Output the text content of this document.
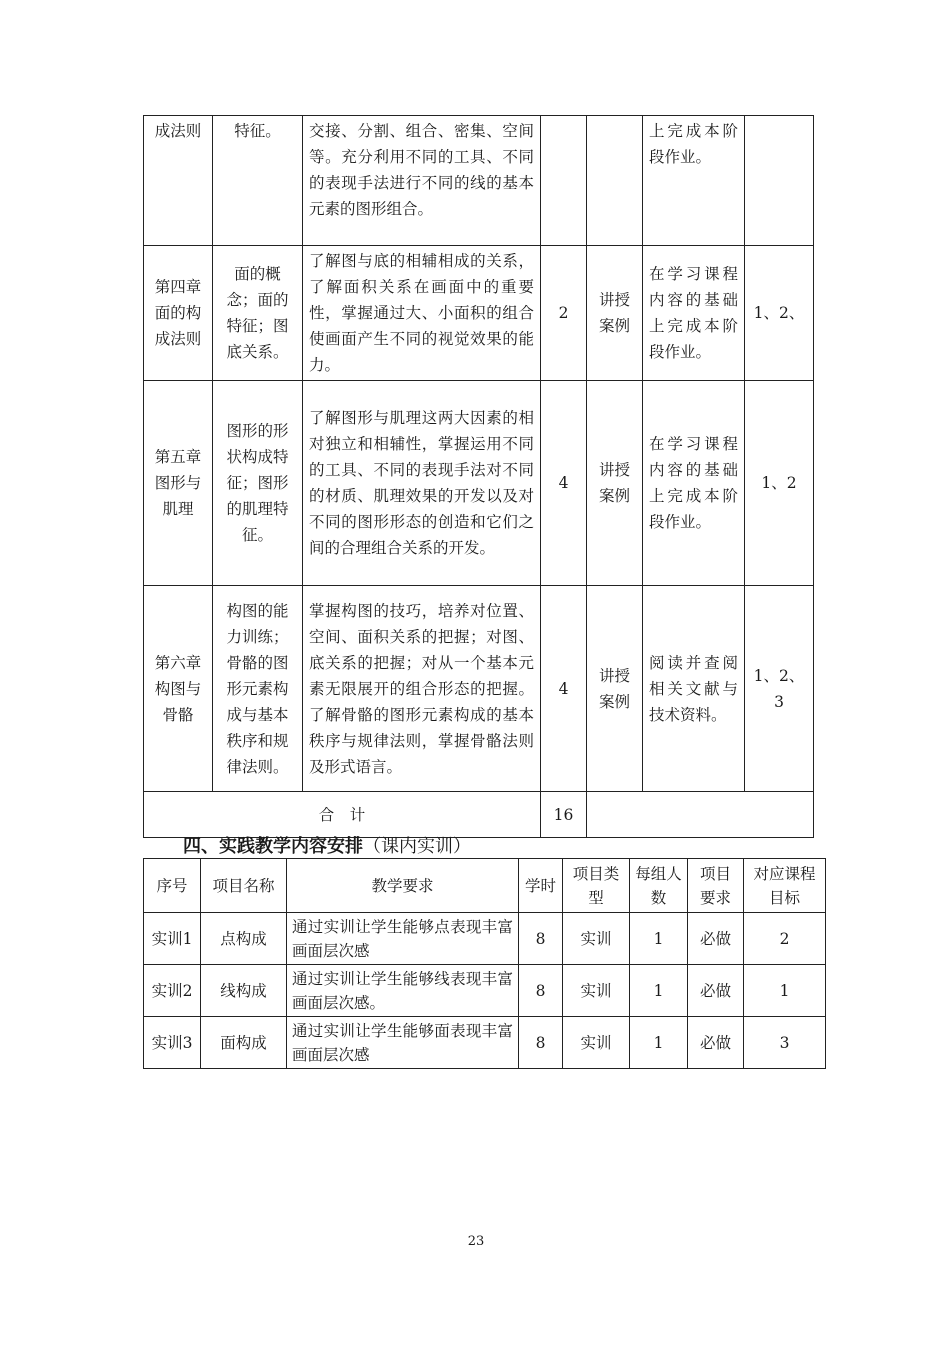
成法则	特征。	交接、分割、组合、密集、空间等。充分利用不同的工具、不同的表现手法进行不同的线的基本元素的图形组合。			上完成本阶段作业。	
第四章面的构成法则	面的概念；面的特征；图底关系。	了解图与底的相辅相成的关系，了解面积关系在画面中的重要性，掌握通过大、小面积的组合使画面产生不同的视觉效果的能力。	2	讲授案例	在学习课程内容的基础上完成本阶段作业。	1、2、
第五章图形与肌理	图形的形状构成特征；图形的肌理特征。	了解图形与肌理这两大因素的相对独立和相辅性，掌握运用不同的工具、不同的表现手法对不同的材质、肌理效果的开发以及对不同的图形形态的创造和它们之间的合理组合关系的开发。	4	讲授案例	在学习课程内容的基础上完成本阶段作业。	1、2
第六章构图与骨骼	构图的能力训练；骨骼的图形元素构成与基本秩序和规律法则。	掌握构图的技巧，培养对位置、空间、面积关系的把握；对图、底关系的把握；对从一个基本元素无限展开的组合形态的把握。了解骨骼的图形元素构成的基本秩序与规律法则，掌握骨骼法则及形式语言。	4	讲授案例	阅读并查阅相关文献与技术资料。	1、2、3
合　计			16			
四、实践教学内容安排（课内实训）
序号	项目名称	教学要求	学时	项目类型	每组人数	项目要求	对应课程目标
实训1	点构成	通过实训让学生能够点表现丰富画面层次感	8	实训	1	必做	2
实训2	线构成	通过实训让学生能够线表现丰富画面层次感。	8	实训	1	必做	1
实训3	面构成	通过实训让学生能够面表现丰富画面层次感	8	实训	1	必做	3
23
